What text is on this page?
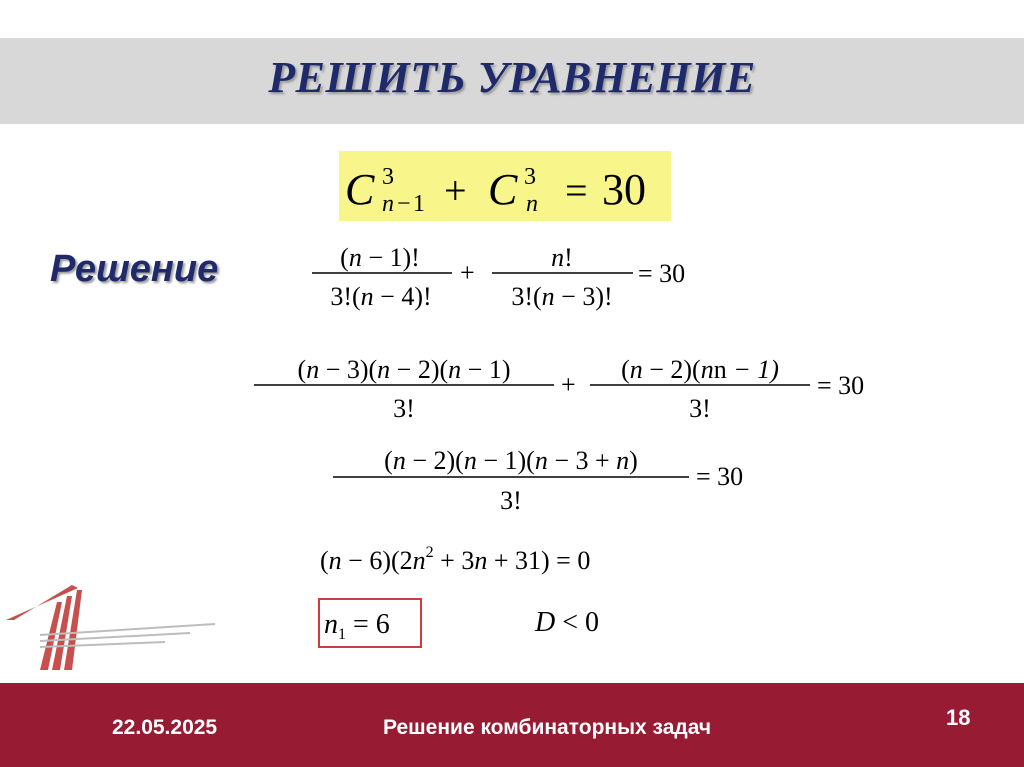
РЕШИТЬ УРАВНЕНИЕ
Решение
C 3
n − 1 + C 3
n = 30
(n − 1)!
3!(n − 4)!
+
n!
3!(n − 3)!
= 30
(n − 3)(n − 2)(n − 1)
3!
+
(n − 2)(nn − 1)
3!
= 30
(n − 2)(n − 1)(n − 3 + n)
3!
= 30
$(n - 6)(2n^2 + 3n + 31) = 0$
$n_1 = 6$	D < 0
22.05.2025	Решение комбинаторных задач	18
